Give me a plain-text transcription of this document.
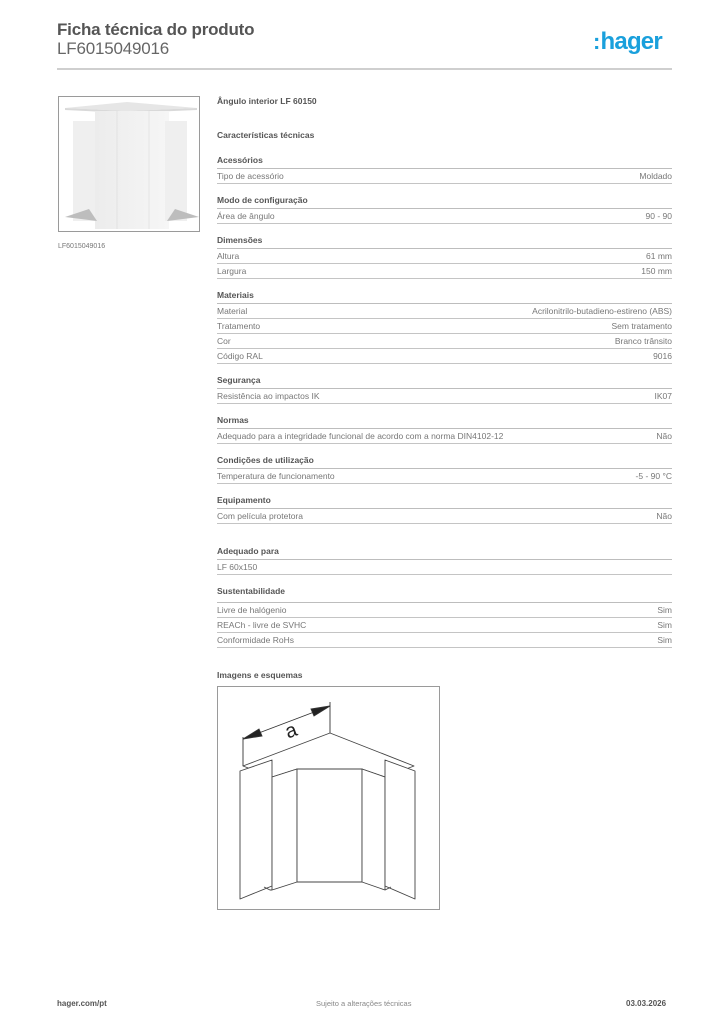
Ficha técnica do produto
LF6015049016	:hager
LF6015049016
Ângulo interior LF 60150
Características técnicas
Acessórios
Tipo de acessório	Moldado
Modo de configuração
Área de ângulo	90 - 90
Dimensões
Altura	61 mm
Largura	150 mm
Materiais
Material	Acrilonitrilo-butadieno-estireno (ABS)
Tratamento	Sem tratamento
Cor	Branco trânsito
Código RAL	9016
Segurança
Resistência ao impactos IK	IK07
Normas
Adequado para a integridade funcional de acordo com a norma DIN4102-12	Não
Condições de utilização
Temperatura de funcionamento	-5 - 90 °C
Equipamento
Com película protetora	Não
Adequado para
LF 60x150
Sustentabilidade
Livre de halógenio	Sim
REACh - livre de SVHC	Sim
Conformidade RoHs	Sim
Imagens e esquemas
a
hager.com/pt	Sujeito a alterações técnicas	03.03.2026
